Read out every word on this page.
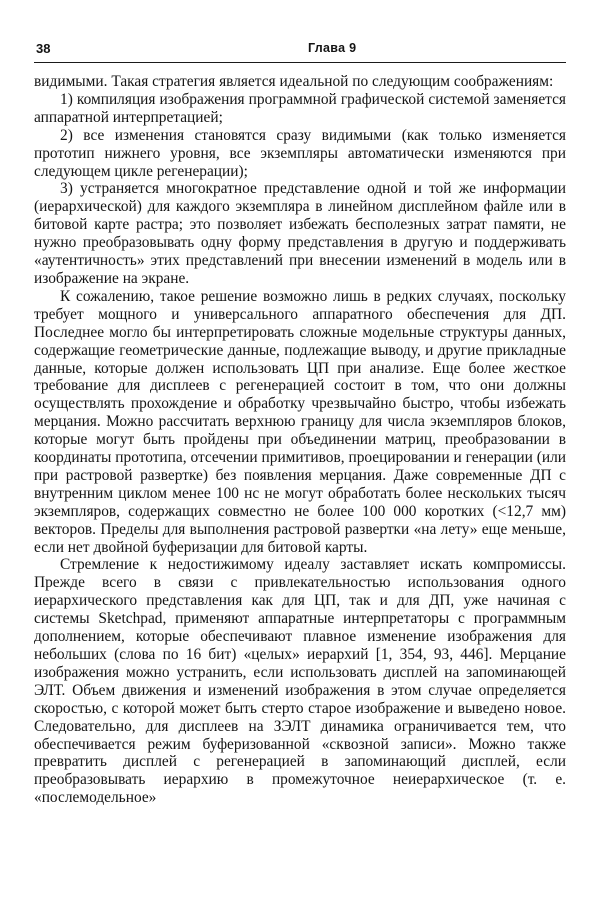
38	Глава 9

видимыми. Такая стратегия является идеальной по следующим соображениям:

1) компиляция изображения программной графической системой заменяется аппаратной интерпретацией;

2) все изменения становятся сразу видимыми (как только изменяется прототип нижнего уровня, все экземпляры автоматически изменяются при следующем цикле регенерации);

3) устраняется многократное представление одной и той же информации (иерархической) для каждого экземпляра в линейном дисплейном файле или в битовой карте растра; это позволяет избежать бесполезных затрат памяти, не нужно преобразовывать одну форму представления в другую и поддерживать «аутентичность» этих представлений при внесении изменений в модель или в изображение на экране.

К сожалению, такое решение возможно лишь в редких случаях, поскольку требует мощного и универсального аппаратного обеспечения для ДП. Последнее могло бы интерпретировать сложные модельные структуры данных, содержащие геометрические данные, подлежащие выводу, и другие прикладные данные, которые должен использовать ЦП при анализе. Еще более жесткое требование для дисплеев с регенерацией состоит в том, что они должны осуществлять прохождение и обработку чрезвычайно быстро, чтобы избежать мерцания. Можно рассчитать верхнюю границу для числа экземпляров блоков, которые могут быть пройдены при объединении матриц, преобразовании в координаты прототипа, отсечении примитивов, проецировании и генерации (или при растровой развертке) без появления мерцания. Даже современные ДП с внутренним циклом менее 100 нс не могут обработать более нескольких тысяч экземпляров, содержащих совместно не более 100 000 коротких (<12,7 мм) векторов. Пределы для выполнения растровой развертки «на лету» еще меньше, если нет двойной буферизации для битовой карты.

Стремление к недостижимому идеалу заставляет искать компромиссы. Прежде всего в связи с привлекательностью использования одного иерархического представления как для ЦП, так и для ДП, уже начиная с системы Sketchpad, применяют аппаратные интерпретаторы с программным дополнением, которые обеспечивают плавное изменение изображения для небольших (слова по 16 бит) «целых» иерархий [1, 354, 93, 446]. Мерцание изображения можно устранить, если использовать дисплей на запоминающей ЭЛТ. Объем движения и изменений изображения в этом случае определяется скоростью, с которой может быть стерто старое изображение и выведено новое. Следовательно, для дисплеев на ЗЭЛТ динамика ограничивается тем, что обеспечивается режим буферизованной «сквозной записи». Можно также превратить дисплей с регенерацией в запоминающий дисплей, если преобразовывать иерархию в промежуточное неиерархическое (т. е. «послемодельное»
